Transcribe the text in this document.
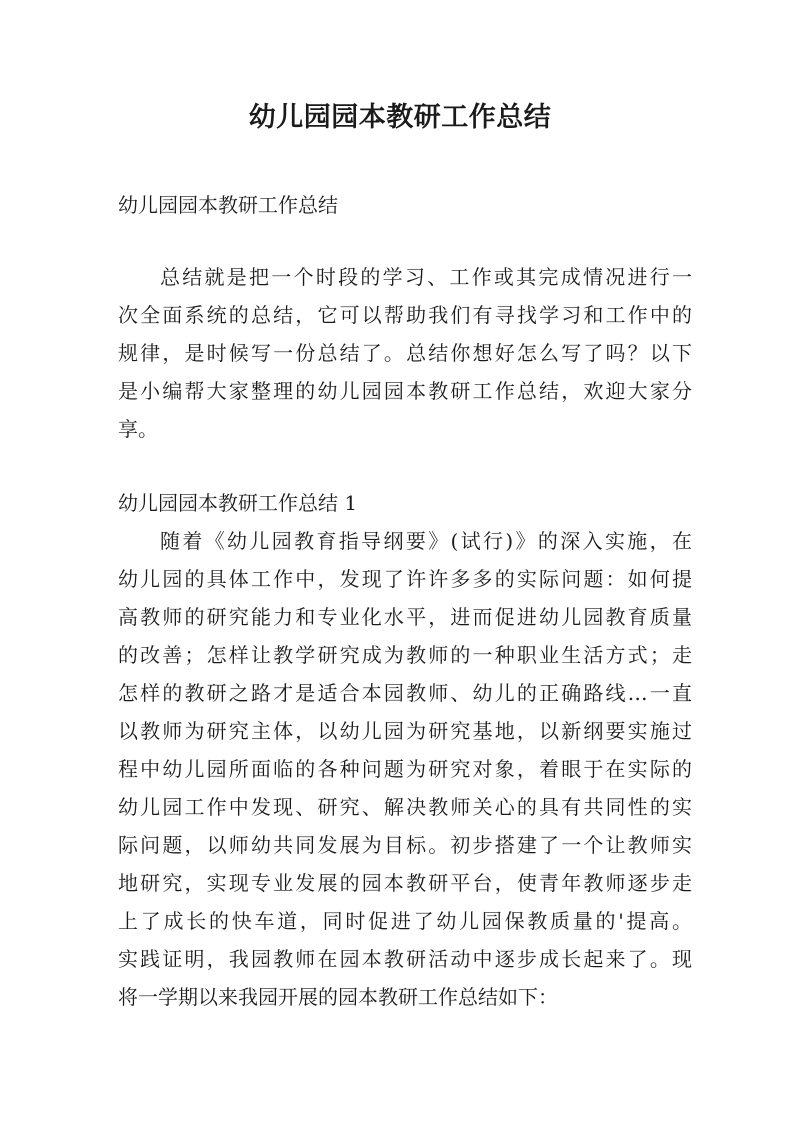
幼儿园园本教研工作总结

幼儿园园本教研工作总结

总结就是把一个时段的学习、工作或其完成情况进行一

次全面系统的总结，它可以帮助我们有寻找学习和工作中的

规律，是时候写一份总结了。总结你想好怎么写了吗？以下

是小编帮大家整理的幼儿园园本教研工作总结，欢迎大家分

享。

幼儿园园本教研工作总结 1

随着《幼儿园教育指导纲要》(试行)》的深入实施，在

幼儿园的具体工作中，发现了许许多多的实际问题：如何提

高教师的研究能力和专业化水平，进而促进幼儿园教育质量

的改善；怎样让教学研究成为教师的一种职业生活方式；走

怎样的教研之路才是适合本园教师、幼儿的正确路线…一直

以教师为研究主体，以幼儿园为研究基地，以新纲要实施过

程中幼儿园所面临的各种问题为研究对象，着眼于在实际的

幼儿园工作中发现、研究、解决教师关心的具有共同性的实

际问题，以师幼共同发展为目标。初步搭建了一个让教师实

地研究，实现专业发展的园本教研平台，使青年教师逐步走

上了成长的快车道，同时促进了幼儿园保教质量的'提高。

实践证明，我园教师在园本教研活动中逐步成长起来了。现

将一学期以来我园开展的园本教研工作总结如下：
